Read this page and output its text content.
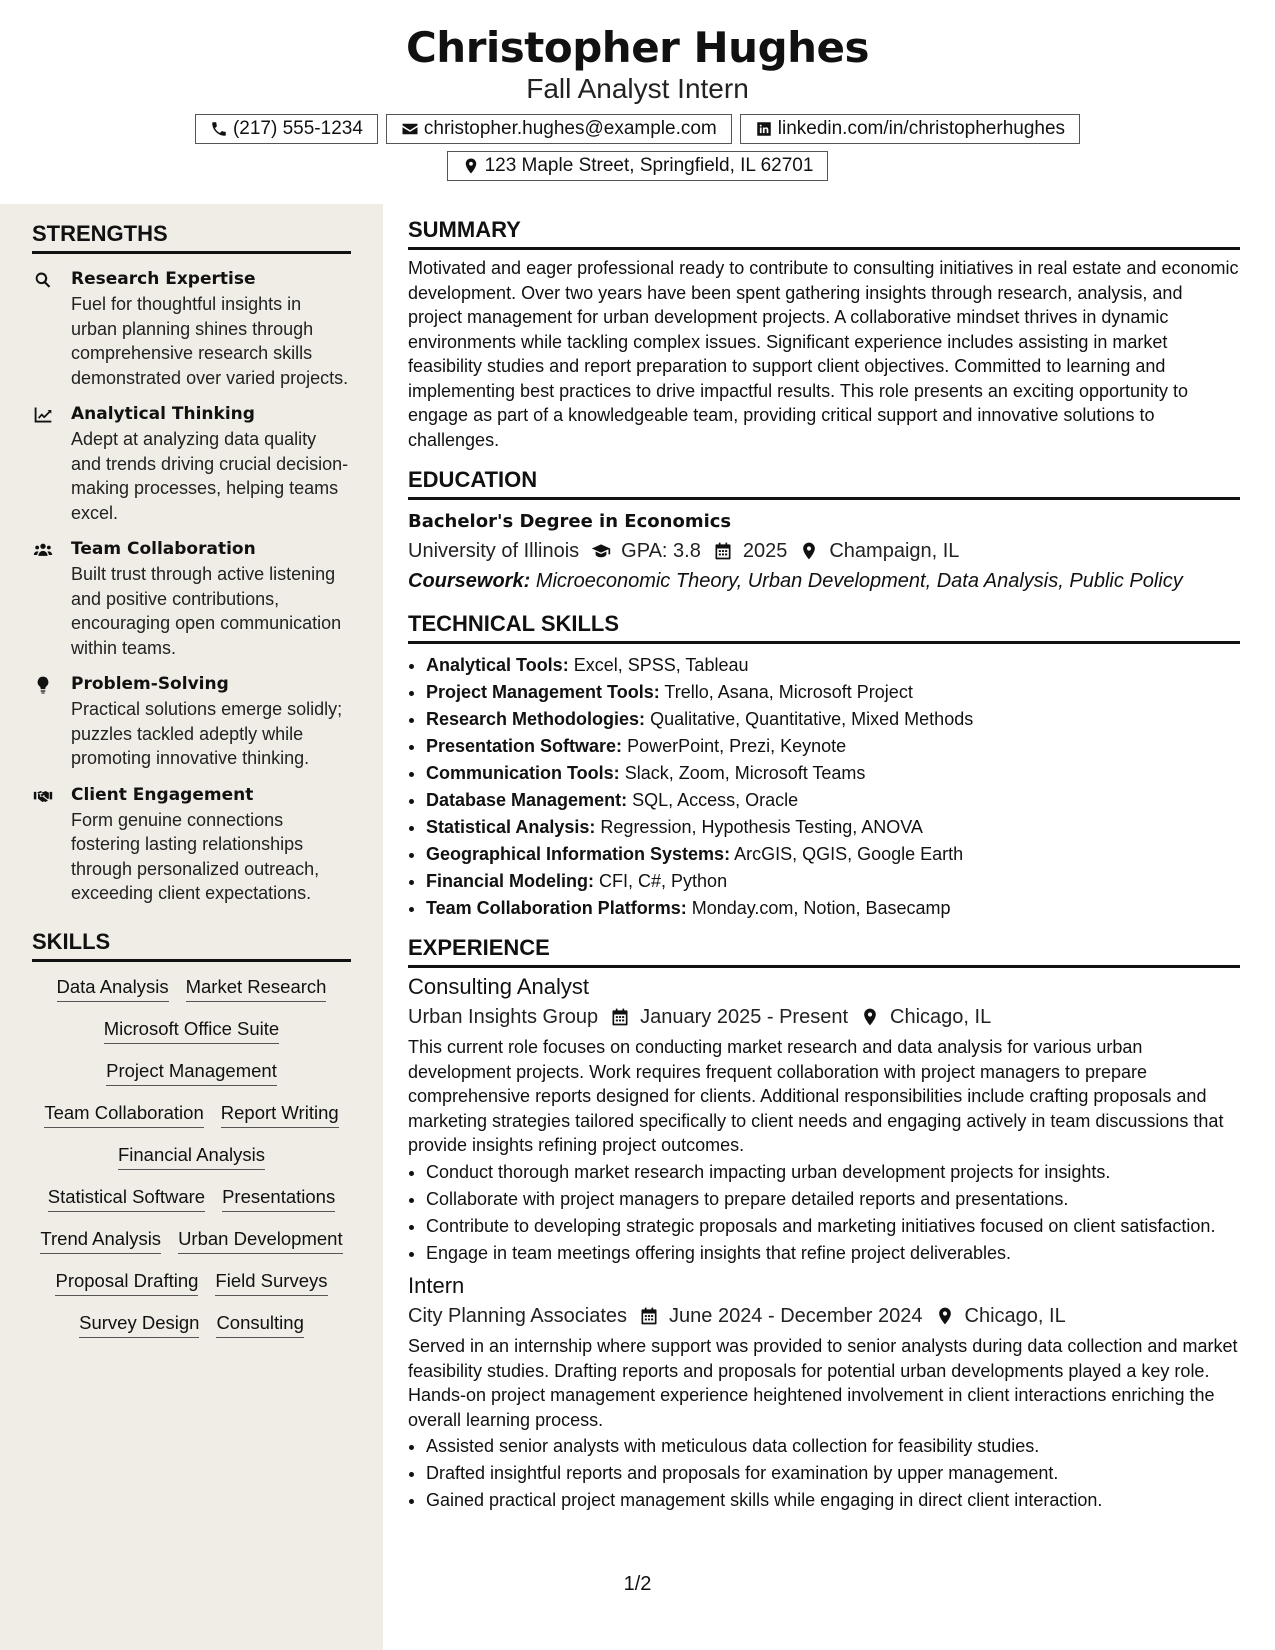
Christopher Hughes
Fall Analyst Intern
(217) 555-1234	christopher.hughes@example.com	linkedin.com/in/christopherhughes
123 Maple Street, Springfield, IL 62701
STRENGTHS
Research Expertise
Fuel for thoughtful insights in urban planning shines through comprehensive research skills demonstrated over varied projects.
Analytical Thinking
Adept at analyzing data quality and trends driving crucial decision-making processes, helping teams excel.
Team Collaboration
Built trust through active listening and positive contributions, encouraging open communication within teams.
Problem-Solving
Practical solutions emerge solidly; puzzles tackled adeptly while promoting innovative thinking.
Client Engagement
Form genuine connections fostering lasting relationships through personalized outreach, exceeding client expectations.
SKILLS
Data Analysis Market Research
Microsoft Office Suite
Project Management
Team Collaboration Report Writing
Financial Analysis
Statistical Software Presentations
Trend Analysis Urban Development
Proposal Drafting Field Surveys
Survey Design Consulting
SUMMARY
Motivated and eager professional ready to contribute to consulting initiatives in real estate and economic development. Over two years have been spent gathering insights through research, analysis, and project management for urban development projects. A collaborative mindset thrives in dynamic environments while tackling complex issues. Significant experience includes assisting in market feasibility studies and report preparation to support client objectives. Committed to learning and implementing best practices to drive impactful results. This role presents an exciting opportunity to engage as part of a knowledgeable team, providing critical support and innovative solutions to challenges.
EDUCATION
Bachelor's Degree in Economics
University of Illinois GPA: 3.8 2025 Champaign, IL
Coursework: Microeconomic Theory, Urban Development, Data Analysis, Public Policy
TECHNICAL SKILLS
• Analytical Tools: Excel, SPSS, Tableau
• Project Management Tools: Trello, Asana, Microsoft Project
• Research Methodologies: Qualitative, Quantitative, Mixed Methods
• Presentation Software: PowerPoint, Prezi, Keynote
• Communication Tools: Slack, Zoom, Microsoft Teams
• Database Management: SQL, Access, Oracle
• Statistical Analysis: Regression, Hypothesis Testing, ANOVA
• Geographical Information Systems: ArcGIS, QGIS, Google Earth
• Financial Modeling: CFI, C#, Python
• Team Collaboration Platforms: Monday.com, Notion, Basecamp
EXPERIENCE
Consulting Analyst
Urban Insights Group January 2025 - Present Chicago, IL
This current role focuses on conducting market research and data analysis for various urban development projects. Work requires frequent collaboration with project managers to prepare comprehensive reports designed for clients. Additional responsibilities include crafting proposals and marketing strategies tailored specifically to client needs and engaging actively in team discussions that provide insights refining project outcomes.
• Conduct thorough market research impacting urban development projects for insights.
• Collaborate with project managers to prepare detailed reports and presentations.
• Contribute to developing strategic proposals and marketing initiatives focused on client satisfaction.
• Engage in team meetings offering insights that refine project deliverables.
Intern
City Planning Associates June 2024 - December 2024 Chicago, IL
Served in an internship where support was provided to senior analysts during data collection and market feasibility studies. Drafting reports and proposals for potential urban developments played a key role. Hands-on project management experience heightened involvement in client interactions enriching the overall learning process.
• Assisted senior analysts with meticulous data collection for feasibility studies.
• Drafted insightful reports and proposals for examination by upper management.
• Gained practical project management skills while engaging in direct client interaction.
1/2
